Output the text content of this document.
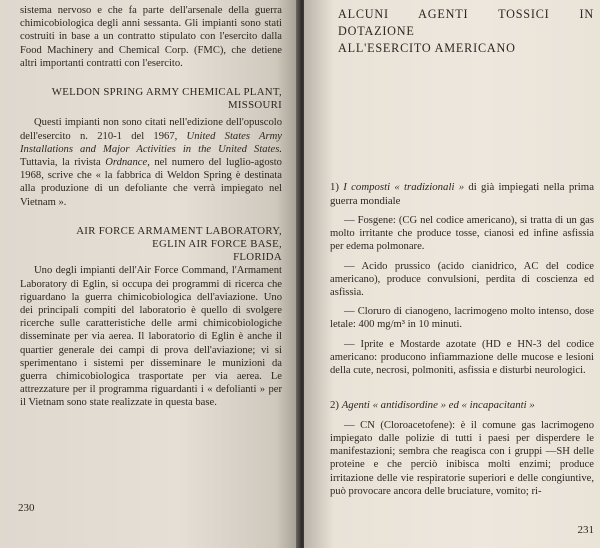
sistema nervoso e che fa parte dell'arsenale della guerra chimicobiologica degli anni sessanta. Gli impianti sono stati costruiti in base a un contratto stipulato con l'esercito dalla Food Machinery and Chemical Corp. (FMC), che detiene altri importanti contratti con l'esercito.

WELDON SPRING ARMY CHEMICAL PLANT,

MISSOURI

Questi impianti non sono citati nell'edizione dell'opuscolo dell'esercito n. 210-1 del 1967, United States Army Installations and Major Activities in the United States. Tuttavia, la rivista Ordnance, nel numero del luglio-agosto 1968, scrive che « la fabbrica di Weldon Spring è destinata alla produzione di un defoliante che verrà impiegato nel Vietnam ».

AIR FORCE ARMAMENT LABORATORY,

EGLIN AIR FORCE BASE,

FLORIDA

Uno degli impianti dell'Air Force Command, l'Armament Laboratory di Eglin, si occupa dei programmi di ricerca che riguardano la guerra chimicobiologica dell'aviazione. Uno dei principali compiti del laboratorio è quello di svolgere ricerche sulle caratteristiche delle armi chimicobiologiche disseminate per via aerea. Il laboratorio di Eglin è anche il quartier generale dei campi di prova dell'aviazione; vi si sperimentano i sistemi per disseminare le munizioni da guerra chimicobiologica trasportate per via aerea. Le attrezzature per il programma riguardanti i « defolianti » per il Vietnam sono state realizzate in questa base.

230

ALCUNI AGENTI TOSSICI IN DOTAZIONE

ALL'ESERCITO AMERICANO

1) I composti « tradizionali » di già impiegati nella prima guerra mondiale

— Fosgene: (CG nel codice americano), si tratta di un gas molto irritante che produce tosse, cianosi ed infine asfissia per edema polmonare.

— Acido prussico (acido cianidrico, AC del codice americano), produce convulsioni, perdita di coscienza ed asfissia.

— Cloruro di cianogeno, lacrimogeno molto intenso, dose letale: 400 mg/m³ in 10 minuti.

— Iprite e Mostarde azotate (HD e HN-3 del codice americano: producono infiammazione delle mucose e lesioni della cute, necrosi, polmoniti, asfissia e disturbi neurologici.

2) Agenti « antidisordine » ed « incapacitanti »

— CN (Cloroacetofene): è il comune gas lacrimogeno impiegato dalle polizie di tutti i paesi per disperdere le manifestazioni; sembra che reagisca con i gruppi —SH delle proteine e che perciò inibisca molti enzimi; produce irritazione delle vie respiratorie superiori e delle congiuntive, può provocare ancora delle bruciature, vomito; ri-

231
